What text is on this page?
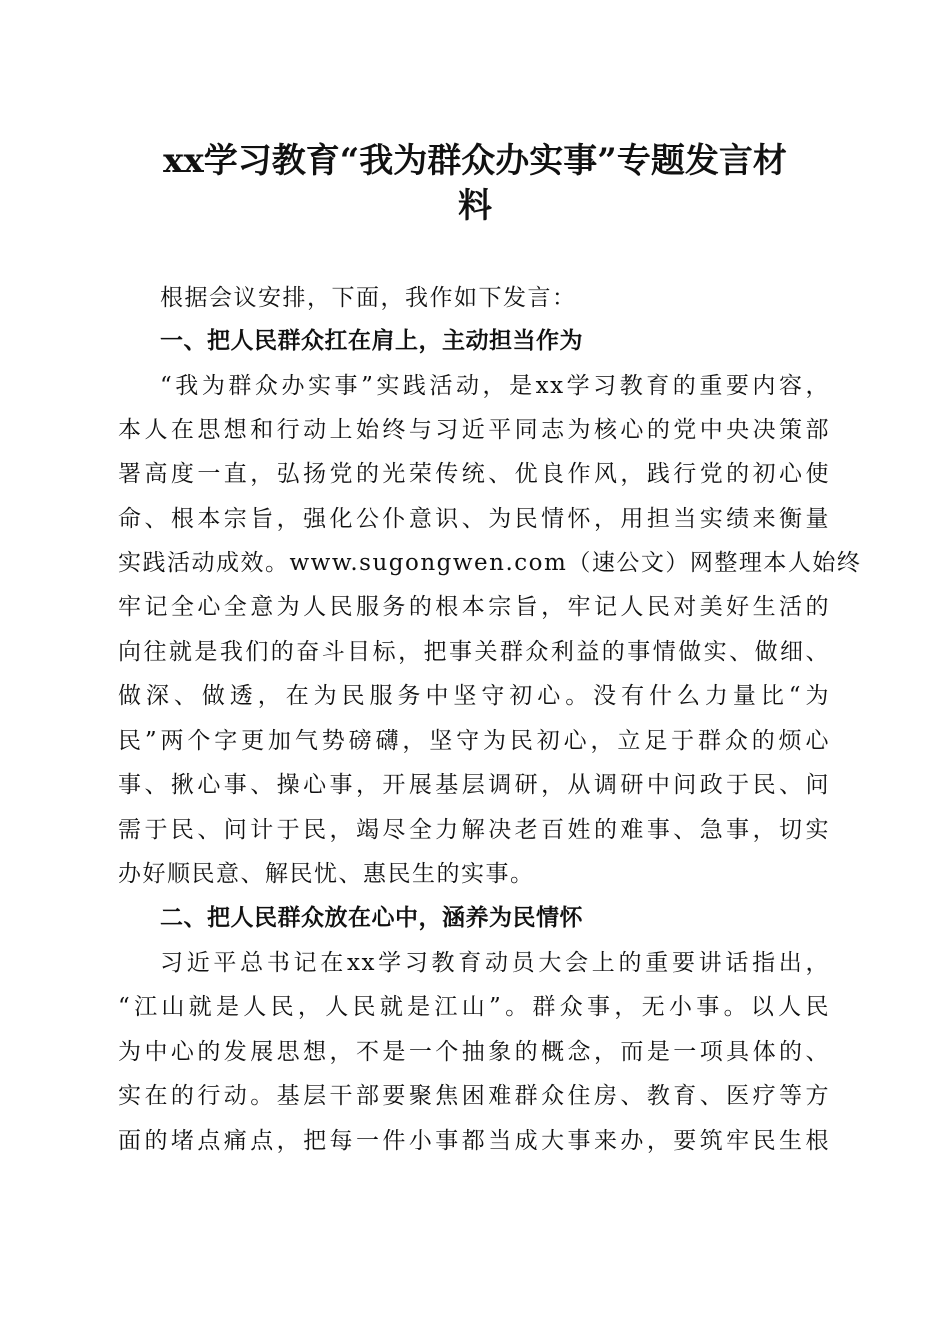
xx学习教育“我为群众办实事”专题发言材
料

根据会议安排，下面，我作如下发言：

一、把人民群众扛在肩上，主动担当作为

“我为群众办实事”实践活动，是xx学习教育的重要内容，

本人在思想和行动上始终与习近平同志为核心的党中央决策部

署高度一直，弘扬党的光荣传统、优良作风，践行党的初心使

命、根本宗旨，强化公仆意识、为民情怀，用担当实绩来衡量

实践活动成效。www.sugongwen.com（速公文）网整理本人始终

牢记全心全意为人民服务的根本宗旨，牢记人民对美好生活的

向往就是我们的奋斗目标，把事关群众利益的事情做实、做细、

做深、做透，在为民服务中坚守初心。没有什么力量比“为

民”两个字更加气势磅礴，坚守为民初心，立足于群众的烦心

事、揪心事、操心事，开展基层调研，从调研中问政于民、问

需于民、问计于民，竭尽全力解决老百姓的难事、急事，切实

办好顺民意、解民忧、惠民生的实事。

二、把人民群众放在心中，涵养为民情怀

习近平总书记在xx学习教育动员大会上的重要讲话指出，

“江山就是人民，人民就是江山”。群众事，无小事。以人民

为中心的发展思想，不是一个抽象的概念，而是一项具体的、

实在的行动。基层干部要聚焦困难群众住房、教育、医疗等方

面的堵点痛点，把每一件小事都当成大事来办，要筑牢民生根
